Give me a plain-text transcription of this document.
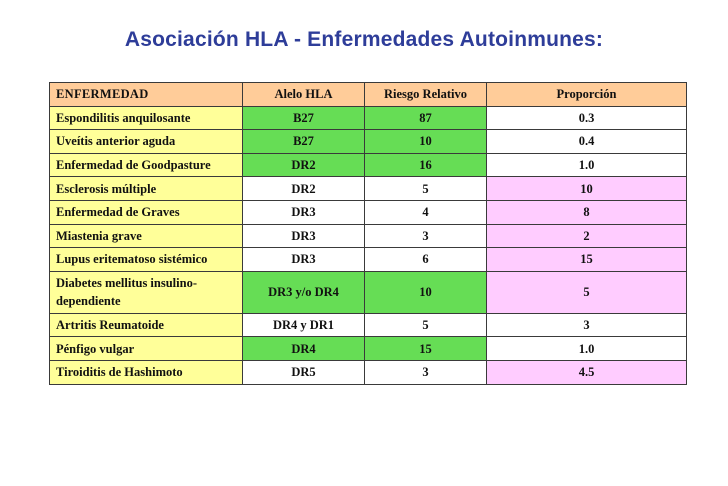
Asociación HLA - Enfermedades Autoinmunes:
ENFERMEDAD	Alelo HLA	Riesgo Relativo	Proporción
Espondilitis anquilosante	B27	87	0.3
Uveítis anterior aguda	B27	10	0.4
Enfermedad de Goodpasture	DR2	16	1.0
Esclerosis múltiple	DR2	5	10
Enfermedad de Graves	DR3	4	8
Miastenia grave	DR3	3	2
Lupus eritematoso sistémico	DR3	6	15
Diabetes mellitus insulino-dependiente	DR3 y/o DR4	10	5
Artritis Reumatoide	DR4 y DR1	5	3
Pénfigo vulgar	DR4	15	1.0
Tiroiditis de Hashimoto	DR5	3	4.5
